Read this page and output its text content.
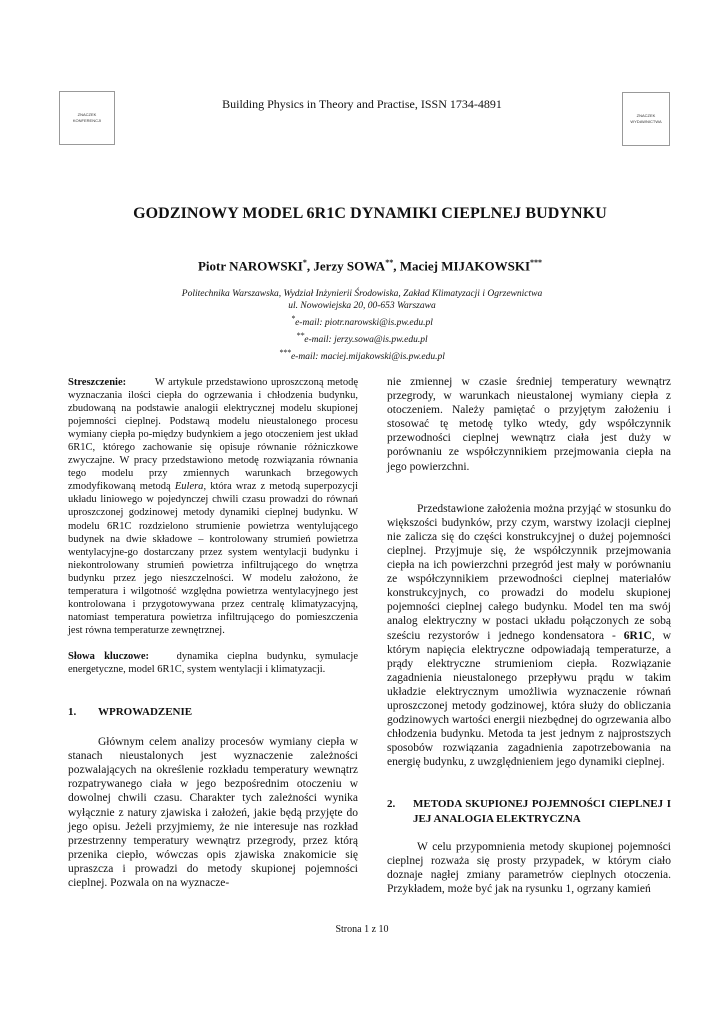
ZNACZEK
KONFERENCJI
ZNACZEK
WYDAWNICTWA
Building Physics in Theory and Practise, ISSN 1734-4891
GODZINOWY MODEL 6R1C DYNAMIKI CIEPLNEJ BUDYNKU
Piotr NAROWSKI*, Jerzy SOWA**, Maciej MIJAKOWSKI***
Politechnika Warszawska, Wydział Inżynierii Środowiska, Zakład Klimatyzacji i Ogrzewnictwa
ul. Nowowiejska 20, 00-653 Warszawa
*e-mail: piotr.narowski@is.pw.edu.pl
**e-mail: jerzy.sowa@is.pw.edu.pl
***e-mail: maciej.mijakowski@is.pw.edu.pl

Streszczenie:	W artykule przedstawiono uproszczoną metodę wyznaczania ilości ciepła do ogrzewania i chłodzenia budynku, zbudowaną na podstawie analogii elektrycznej modelu skupionej pojemności cieplnej. Podstawą modelu nieustalonego procesu wymiany ciepła po-między budynkiem a jego otoczeniem jest układ 6R1C, którego zachowanie się opisuje równanie różniczkowe zwyczajne. W pracy przedstawiono metodę rozwiązania równania tego modelu przy zmiennych warunkach brzegowych zmodyfikowaną metodą Eulera, która wraz z metodą superpozycji układu liniowego w pojedynczej chwili czasu prowadzi do równań uproszczonej godzinowej metody dynamiki cieplnej budynku. W modelu 6R1C rozdzielono strumienie powietrza wentylującego budynek na dwie składowe – kontrolowany strumień powietrza wentylacyjne-go dostarczany przez system wentylacji budynku i niekontrolowany strumień powietrza infiltrującego do wnętrza budynku przez jego nieszczelności. W modelu założono, że temperatura i wilgotność względna powietrza wentylacyjnego jest kontrolowana i przygotowywana przez centralę klimatyzacyjną, natomiast temperatura powietrza infiltrującego do pomieszczenia jest równa temperaturze zewnętrznej.

Słowa kluczowe:	dynamika cieplna budynku, symulacje energetyczne, model 6R1C, system wentylacji i klimatyzacji.

1. WPROWADZENIE

Głównym celem analizy procesów wymiany ciepła w stanach nieustalonych jest wyznaczenie zależności pozwalających na określenie rozkładu temperatury wewnątrz rozpatrywanego ciała w jego bezpośrednim otoczeniu w dowolnej chwili czasu. Charakter tych zależności wynika wyłącznie z natury zjawiska i założeń, jakie będą przyjęte do jego opisu. Jeżeli przyjmiemy, że nie interesuje nas rozkład przestrzenny temperatury wewnątrz przegrody, przez którą przenika ciepło, wówczas opis zjawiska znakomicie się upraszcza i prowadzi do metody skupionej pojemności cieplnej. Pozwala on na wyznacze-

nie zmiennej w czasie średniej temperatury wewnątrz przegrody, w warunkach nieustalonej wymiany ciepła z otoczeniem. Należy pamiętać o przyjętym założeniu i stosować tę metodę tylko wtedy, gdy współczynnik przewodności cieplnej wewnątrz ciała jest duży w porównaniu ze współczynnikiem przejmowania ciepła na jego powierzchni.

Przedstawione założenia można przyjąć w stosunku do większości budynków, przy czym, warstwy izolacji cieplnej nie zalicza się do części konstrukcyjnej o dużej pojemności cieplnej. Przyjmuje się, że współczynnik przejmowania ciepła na ich powierzchni przegród jest mały w porównaniu ze współczynnikiem przewodności cieplnej materiałów konstrukcyjnych, co prowadzi do modelu skupionej pojemności cieplnej całego budynku. Model ten ma swój analog elektryczny w postaci układu połączonych ze sobą sześciu rezystorów i jednego kondensatora - 6R1C, w którym napięcia elektryczne odpowiadają temperaturze, a prądy elektryczne strumieniom ciepła. Rozwiązanie zagadnienia nieustalonego przepływu prądu w takim układzie elektrycznym umożliwia wyznaczenie równań uproszczonej metody godzinowej, która służy do obliczania godzinowych wartości energii niezbędnej do ogrzewania albo chłodzenia budynku. Metoda ta jest jednym z najprostszych sposobów rozwiązania zagadnienia zapotrzebowania na energię budynku, z uwzględnieniem jego dynamiki cieplnej.

2.	METODA SKUPIONEJ POJEMNOŚCI CIEPLNEJ I JEJ ANALOGIA ELEKTRYCZNA

W celu przypomnienia metody skupionej pojemności cieplnej rozważa się prosty przypadek, w którym ciało doznaje nagłej zmiany parametrów cieplnych otoczenia. Przykładem, może być jak na rysunku 1, ogrzany kamień

Strona 1 z 10
